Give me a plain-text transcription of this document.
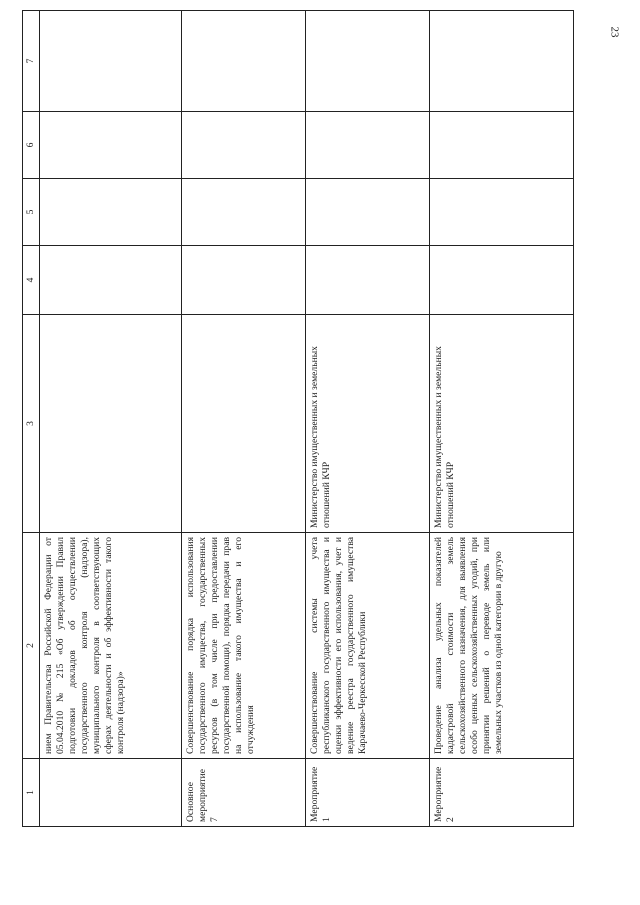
23
1	2	3	4	5	6	7
	нием Правительства Российской Федерации от 05.04.2010 № 215 «Об утверждении Правил подготовки докладов об осуществлении государственного контроля (надзора), муниципального контроля в соответствующих сферах деятельности и об эффективности такого контроля (надзора)»					
Основное мероприятие 7	Совершенствование порядка использования государственного имущества, государственных ресурсов (в том числе при предоставлении государственной помощи), порядка передачи прав на использование такого имущества и его отчуждения					
Мероприятие 1	Совершенствование системы учета республиканского государственного имущества и оценки эффективности его использования, учет и ведение реестра государственного имущества Карачаево-Черкесской Республики	Министерство имущественных и земельных отношений КЧР				
Мероприятие 2	Проведение анализа удельных показателей кадастровой стоимости земель сельскохозяйственного назначения, для выявления особо ценных сельскохозяйственных угодий, при принятии решений о переводе земель или земельных участков из одной категории в другую	Министерство имущественных и земельных отношений КЧР				
